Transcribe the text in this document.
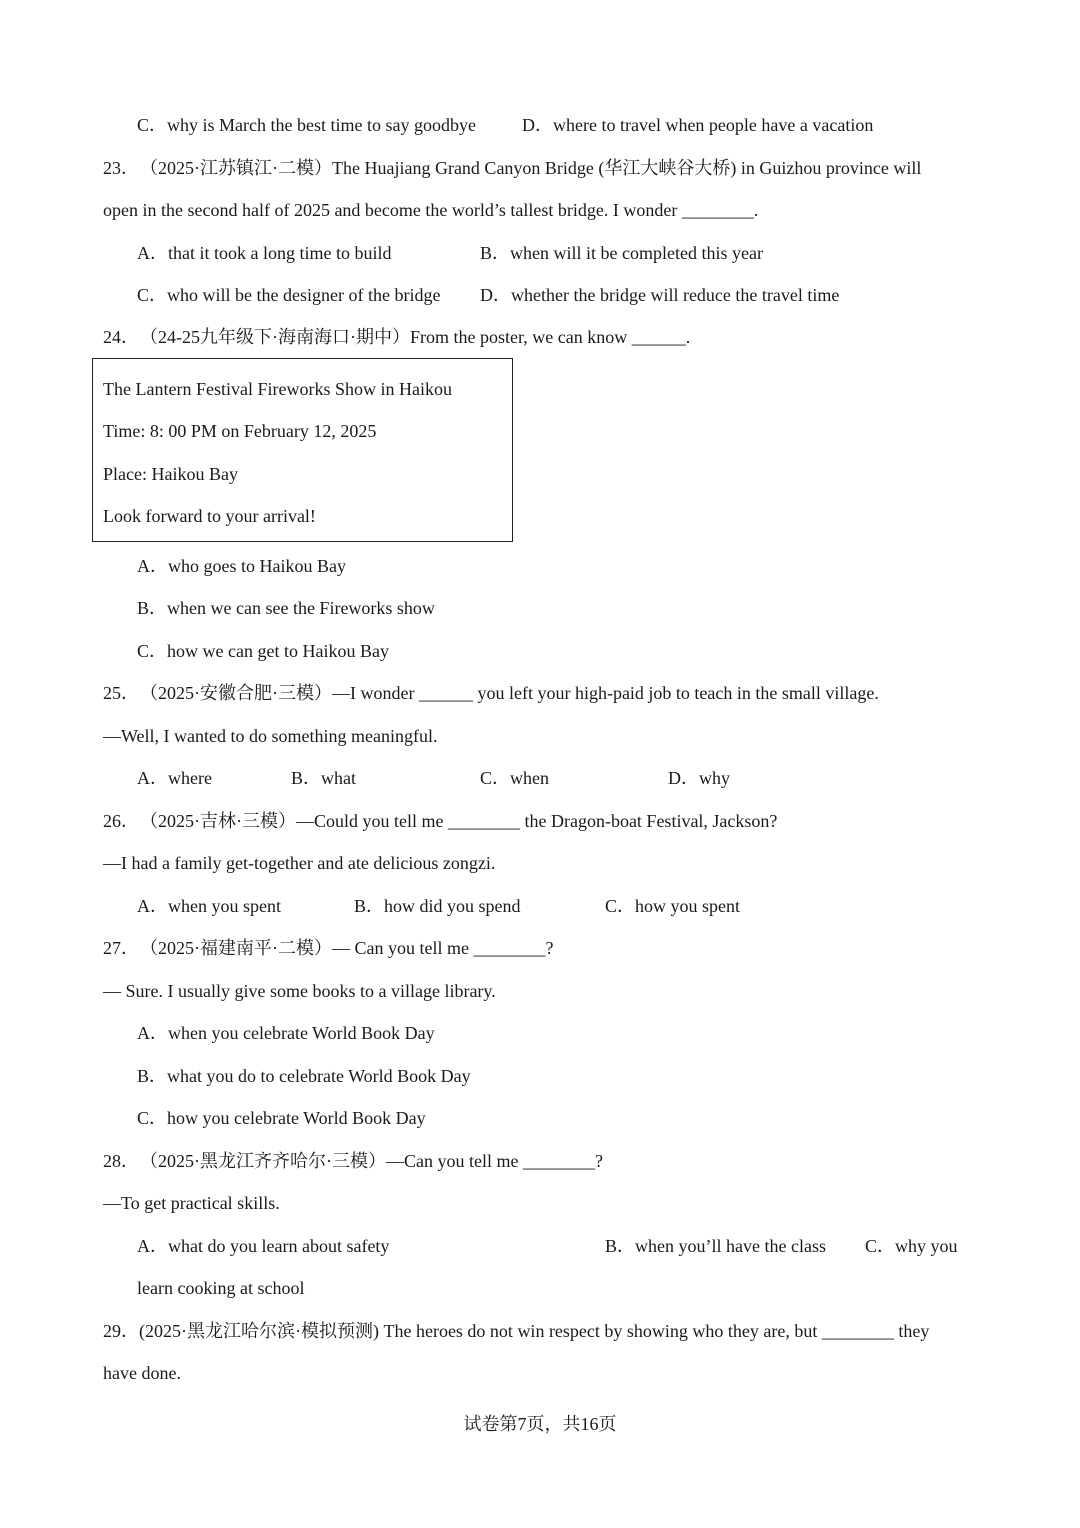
C．why is March the best time to say goodbye	D．where to travel when people have a vacation
23． （2025·江苏镇江·二模）The Huajiang Grand Canyon Bridge (华江大峡谷大桥) in Guizhou province will
open in the second half of 2025 and become the world’s tallest bridge. I wonder ________.
A．that it took a long time to build	B．when will it be completed this year
C．who will be the designer of the bridge D．whether the bridge will reduce the travel time
24． （24-25九年级下·海南海口·期中）From the poster, we can know ______.
The Lantern Festival Fireworks Show in Haikou
Time: 8: 00 PM on February 12, 2025
Place: Haikou Bay
Look forward to your arrival!
A．who goes to Haikou Bay
B．when we can see the Fireworks show
C．how we can get to Haikou Bay
25． （2025·安徽合肥·三模）—I wonder ______ you left your high-paid job to teach in the small village.
—Well, I wanted to do something meaningful.
A．where	B．what	C．when	D．why
26． （2025·吉林·三模）—Could you tell me ________ the Dragon-boat Festival, Jackson?
—I had a family get-together and ate delicious zongzi.
A．when you spent	B．how did you spend	C．how you spent
27． （2025·福建南平·二模）— Can you tell me ________?
— Sure. I usually give some books to a village library.
A．when you celebrate World Book Day
B．what you do to celebrate World Book Day
C．how you celebrate World Book Day
28． （2025·黑龙江齐齐哈尔·三模）—Can you tell me ________?
—To get practical skills.
A．what do you learn about safety	B．when you’ll have the class C．why you
learn cooking at school
29．(2025·黑龙江哈尔滨·模拟预测) The heroes do not win respect by showing who they are, but ________ they
have done.
试卷第7页，共16页
